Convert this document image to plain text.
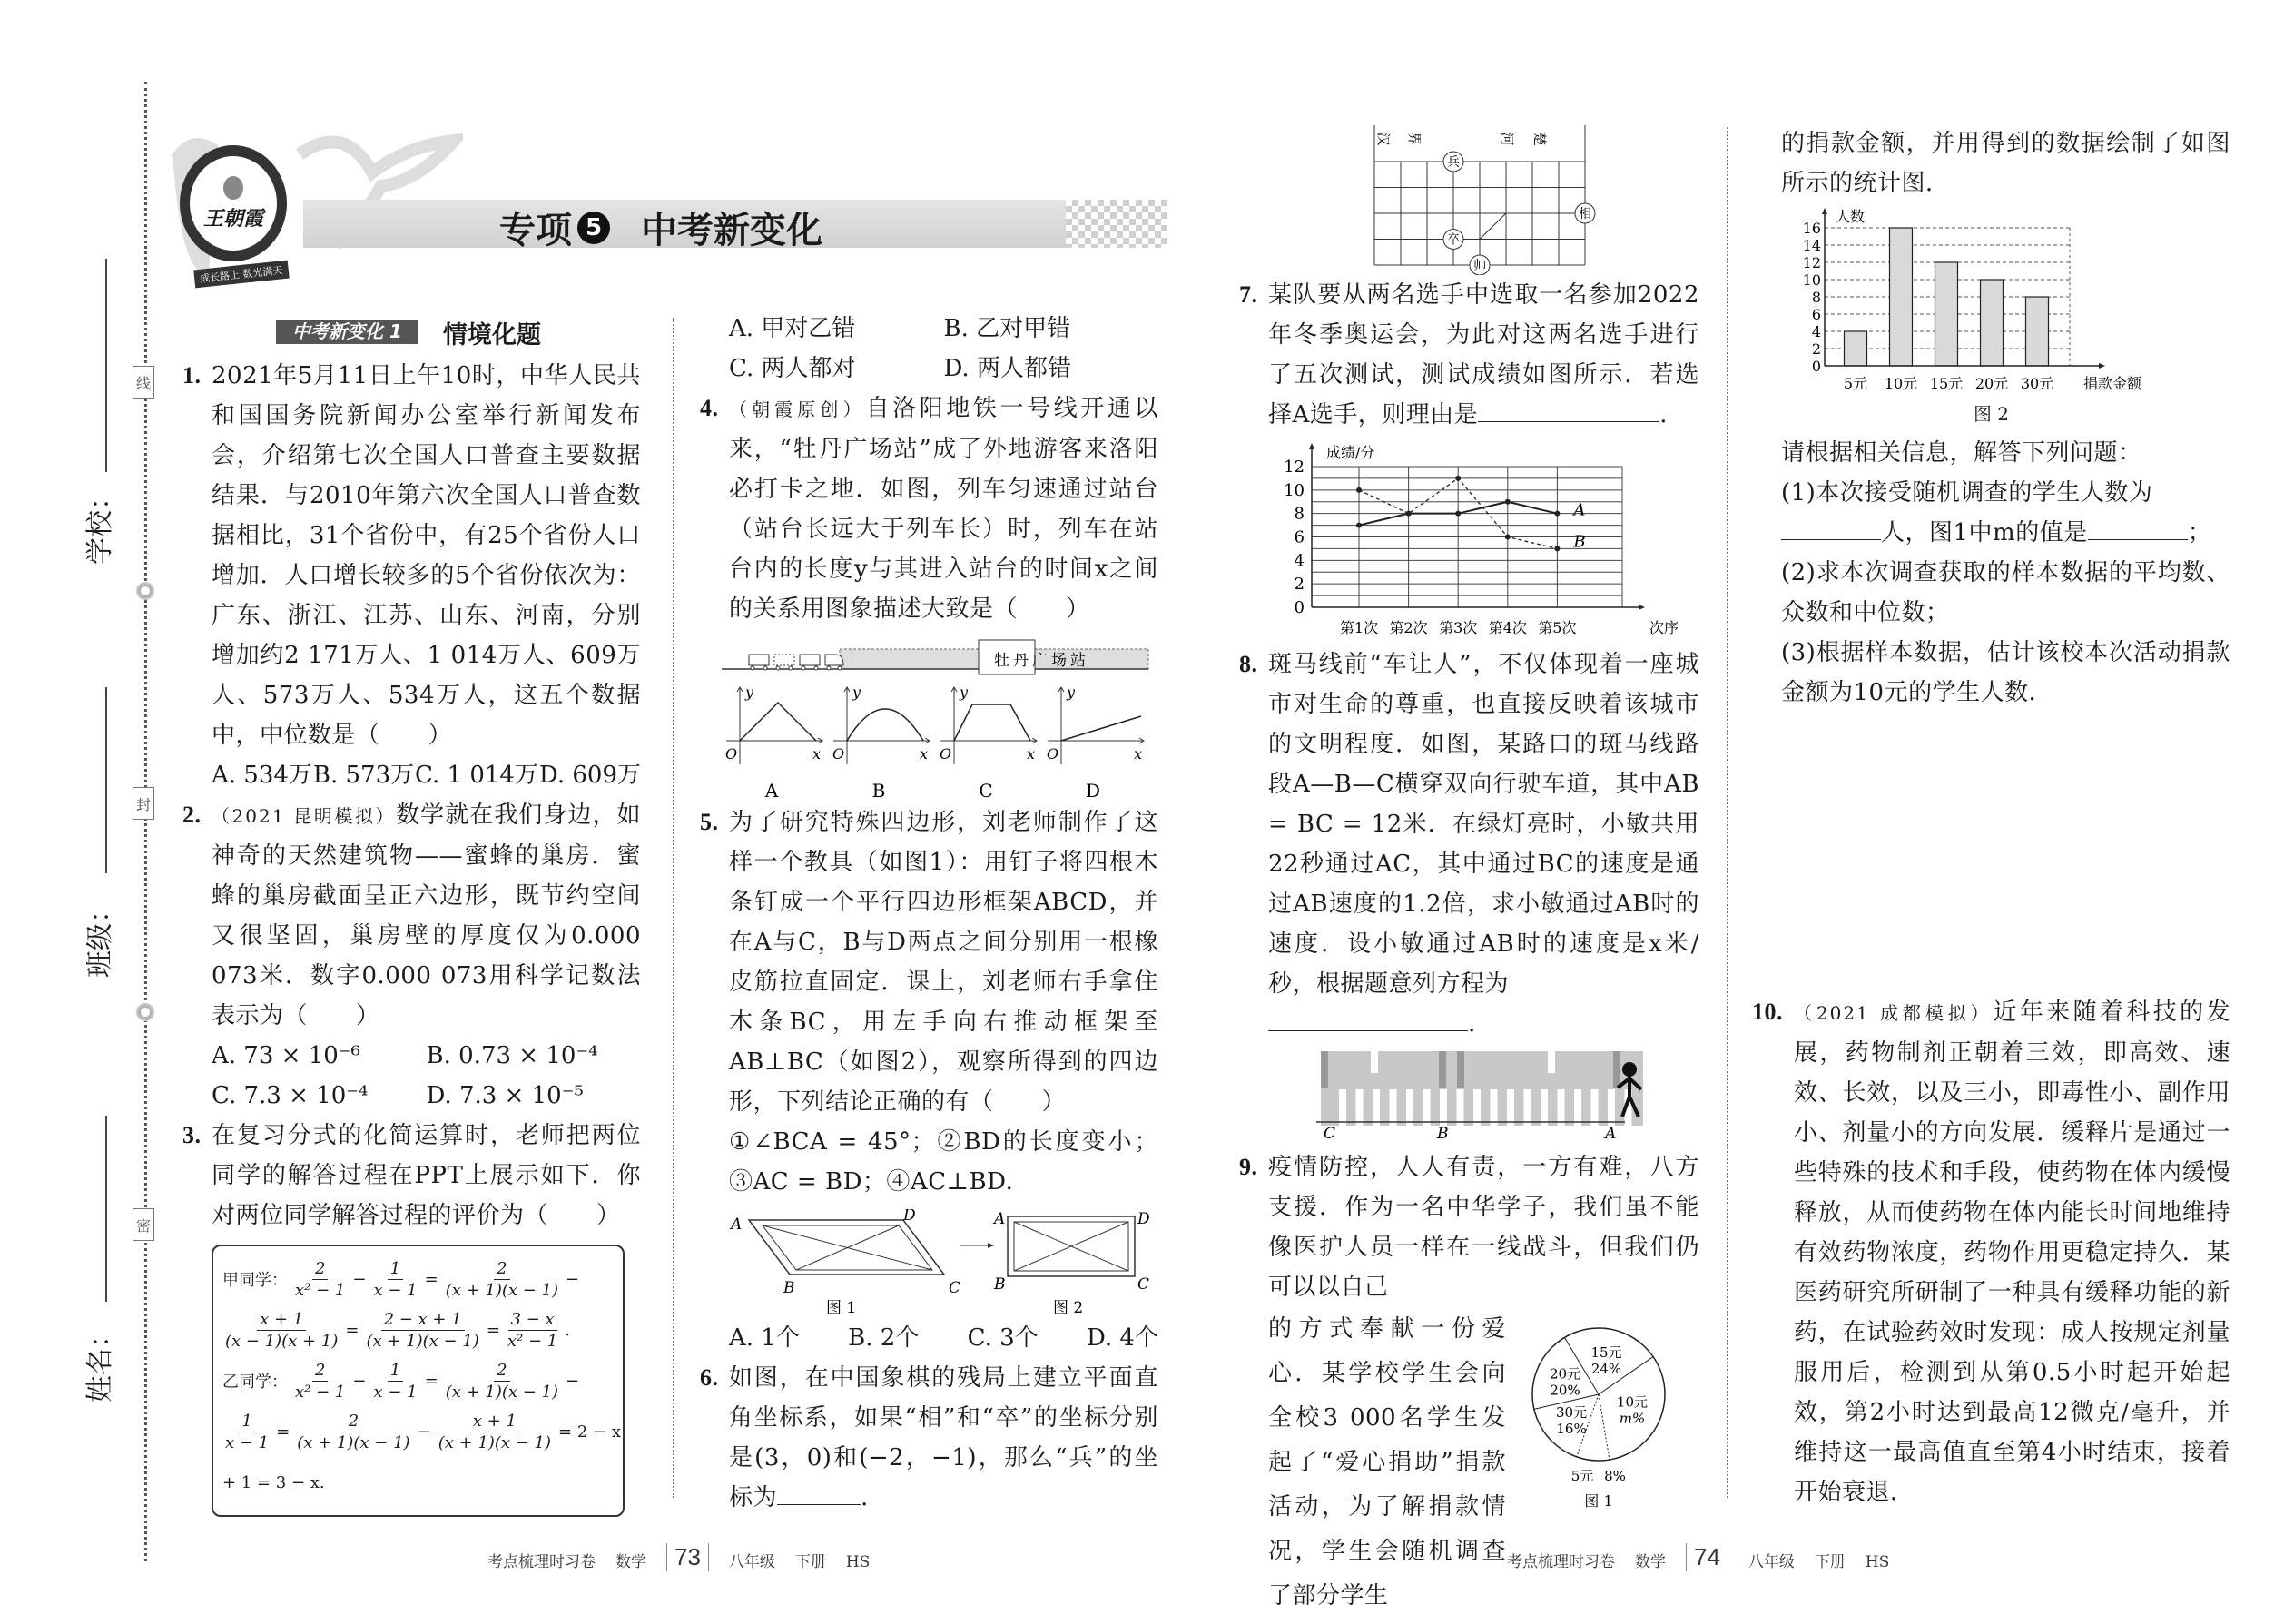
学校：
班级：
姓名：
线
封
密
王朝霞
成长路上 数光满天
专项 5 中考新变化
中考新变化 1	情境化题
1. 2021年5月11日上午10时，中华人民共和国国务院新闻办公室举行新闻发布会，介绍第七次全国人口普查主要数据结果．与2010年第六次全国人口普查数据相比，31个省份中，有25个省份人口增加．人口增长较多的5个省份依次为：广东、浙江、江苏、山东、河南，分别增加约2 171万人、1 014万人、609万人、573万人、534万人，这五个数据中，中位数是（　　）
A. 534万 B. 573万 C. 1 014万 D. 609万
2. （2021 昆明模拟）数学就在我们身边，如神奇的天然建筑物——蜜蜂的巢房．蜜蜂的巢房截面呈正六边形，既节约空间又很坚固，巢房壁的厚度仅为0.000 073米．数字0.000 073用科学记数法表示为（　　）
A. 73 × 10⁻⁶	B. 0.73 × 10⁻⁴
C. 7.3 × 10⁻⁴	D. 7.3 × 10⁻⁵
3. 在复习分式的化简运算时，老师把两位同学的解答过程在PPT上展示如下．你对两位同学解答过程的评价为（　　）
甲同学： $\frac{2}{\text{x² − 1}} - \frac{1}{x - 1} = \frac{2}{(x + 1)(x - 1)}$ −
$\frac{x + 1}{(x - 1)(x + 1)} = \frac{2 - x + 1}{(x + 1)(x - 1)} = \frac{3 - x}{\text{x² − 1}}$ .
乙同学： $\frac{2}{\text{x² − 1}} - \frac{1}{x - 1} = \frac{2}{(x + 1)(x - 1)}$ −
$\frac{1}{x - 1} = \frac{2}{(x + 1)(x - 1)} - \frac{x + 1}{(x + 1)(x - 1)} = 2 - x$
+ 1 = 3 − x.
A. 甲对乙错	B. 乙对甲错
C. 两人都对	D. 两人都错
4. （朝霞原创）自洛阳地铁一号线开通以来，“牡丹广场站”成了外地游客来洛阳必打卡之地．如图，列车匀速通过站台（站台长远大于列车长）时，列车在站台内的长度y与其进入站台的时间x之间的关系用图象描述大致是（　　）
牡丹广场站
y
x
O
A
y
x
O
B
y
x
O
C
y
x
O
D
5. 为了研究特殊四边形，刘老师制作了这样一个教具（如图1）：用钉子将四根木条钉成一个平行四边形框架ABCD，并在A与C，B与D两点之间分别用一根橡皮筋拉直固定．课上，刘老师右手拿住木条BC，用左手向右推动框架至AB⊥BC（如图2），观察所得到的四边形，下列结论正确的有（　　）
①∠BCA = 45°；②BD的长度变小；③AC = BD；④AC⊥BD.
A
B	C
D
图 1
A
B	C
D
图 2
A. 1个 B. 2个 C. 3个 D. 4个
6. 如图，在中国象棋的残局上建立平面直角坐标系，如果“相”和“卒”的坐标分别是(3，0)和(−2，−1)，那么“兵”的坐标为	.
汉 界	河 楚
兵
相
卒
帅
7. 某队要从两名选手中选取一名参加2022年冬季奥运会，为此对这两名选手进行了五次测试，测试成绩如图所示．若选择A选手，则理由是	.
第1次 第2次 第3次 第4次 第5次
0
2
4
6
8
10
12
成绩/分
次序
A
B
8. 斑马线前“车让人”，不仅体现着一座城市对生命的尊重，也直接反映着该城市的文明程度．如图，某路口的斑马线路段A—B—C横穿双向行驶车道，其中AB = BC = 12米．在绿灯亮时，小敏共用22秒通过AC，其中通过BC的速度是通过AB速度的1.2倍，求小敏通过AB时的速度．设小敏通过AB时的速度是x米/秒，根据题意列方程为
.
C	B	A
9. 疫情防控，人人有责，一方有难，八方支援．作为一名中华学子，我们虽不能像医护人员一样在一线战斗，但我们仍可以以自己
的方式奉献一份爱心．某学校学生会向全校3 000名学生发起了“爱心捐助”捐款活动，为了解捐款情况，学生会随机调查了部分学生
15元
24%
10元
m%
5元 8%
30元
16%
20元
20%
图 1
的捐款金额，并用得到的数据绘制了如图所示的统计图．
0
2
4
6
8
10
12
14
16
5元 10元 15元 20元 30元
人数
捐款金额
图 2
请根据相关信息，解答下列问题：
(1)本次接受随机调查的学生人数为
人，图1中m的值是	；
(2)求本次调查获取的样本数据的平均数、众数和中位数；
(3)根据样本数据，估计该校本次活动捐款金额为10元的学生人数．
10. （2021 成都模拟）近年来随着科技的发展，药物制剂正朝着三效，即高效、速效、长效，以及三小，即毒性小、副作用小、剂量小的方向发展．缓释片是通过一些特殊的技术和手段，使药物在体内缓慢释放，从而使药物在体内能长时间地维持有效药物浓度，药物作用更稳定持久．某医药研究所研制了一种具有缓释功能的新药，在试验药效时发现：成人按规定剂量服用后，检测到从第0.5小时起开始起效，第2小时达到最高12微克/毫升，并维持这一最高值直至第4小时结束，接着开始衰退．
考点梳理时习卷 数学	73	八年级 下册 HS	考点梳理时习卷 数学	74	八年级 下册 HS
